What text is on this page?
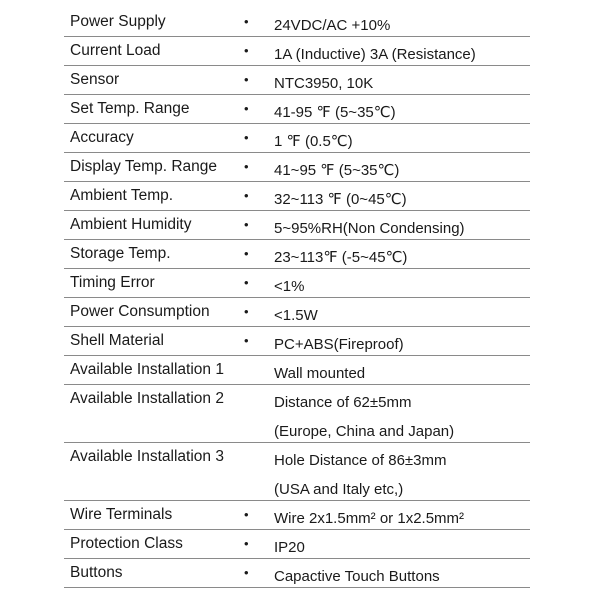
Power Supply	• 24VDC/AC +10%
Current Load	• 1A (Inductive) 3A (Resistance)
Sensor	• NTC3950, 10K
Set Temp. Range	• 41-95 ℉ (5~35℃)
Accuracy	• 1 ℉ (0.5℃)
Display Temp. Range • 41~95 ℉ (5~35℃)
Ambient Temp.	• 32~113 ℉ (0~45℃)
Ambient Humidity	• 5~95%RH(Non Condensing)
Storage Temp.	• 23~113℉ (-5~45℃)
Timing Error	• <1%
Power Consumption	• <1.5W
Shell Material	• PC+ABS(Fireproof)
Available Installation 1	Wall mounted
Available Installation 2	Distance of 62±5mm
(Europe, China and Japan)
Available Installation 3	Hole Distance of 86±3mm
(USA and Italy etc,)
Wire Terminals	• Wire 2x1.5mm² or 1x2.5mm²
Protection Class	• IP20
Buttons	• Capactive Touch Buttons
